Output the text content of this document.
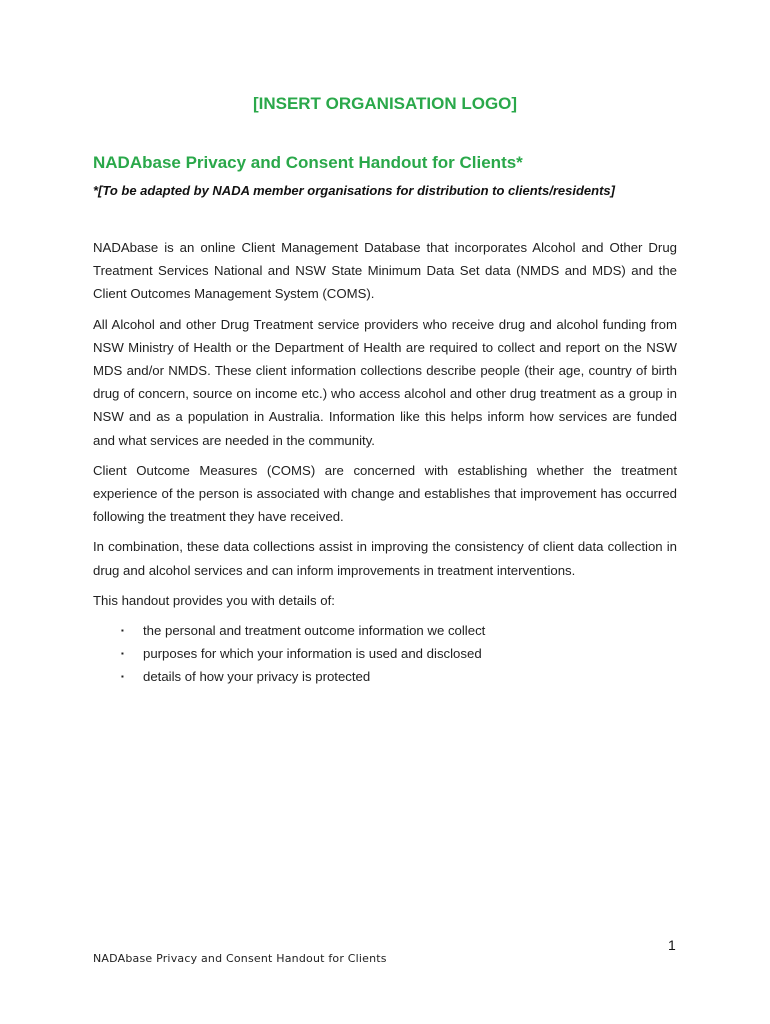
[INSERT ORGANISATION LOGO]
NADAbase Privacy and Consent Handout for Clients*
*[To be adapted by NADA member organisations for distribution to clients/residents]

NADAbase is an online Client Management Database that incorporates Alcohol and Other Drug Treatment Services National and NSW State Minimum Data Set data (NMDS and MDS) and the Client Outcomes Management System (COMS).

All Alcohol and other Drug Treatment service providers who receive drug and alcohol funding from NSW Ministry of Health or the Department of Health are required to collect and report on the NSW MDS and/or NMDS. These client information collections describe people (their age, country of birth drug of concern, source on income etc.) who access alcohol and other drug treatment as a group in NSW and as a population in Australia. Information like this helps inform how services are funded and what services are needed in the community.

Client Outcome Measures (COMS) are concerned with establishing whether the treatment experience of the person is associated with change and establishes that improvement has occurred following the treatment they have received.

In combination, these data collections assist in improving the consistency of client data collection in drug and alcohol services and can inform improvements in treatment interventions.

This handout provides you with details of:

▪ the personal and treatment outcome information we collect
▪ purposes for which your information is used and disclosed
▪ details of how your privacy is protected
1
NADAbase Privacy and Consent Handout for Clients
